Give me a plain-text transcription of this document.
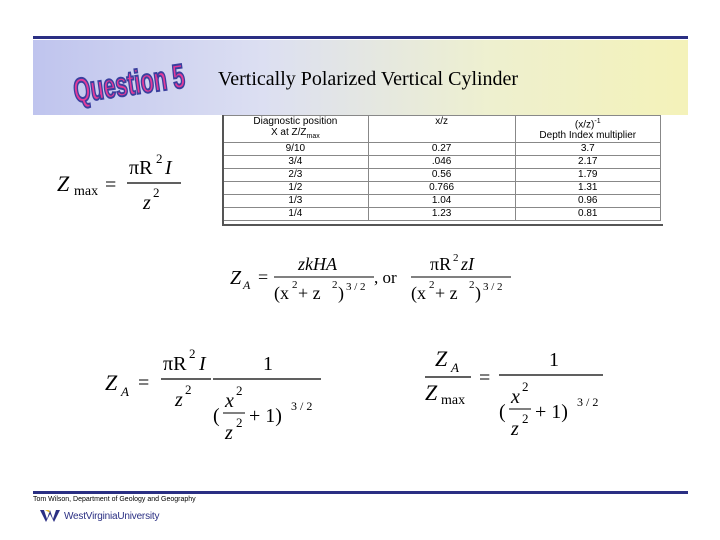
Question 5
Vertically Polarized Vertical Cylinder
Diagnostic position
X at $Z/Z_{max}$	x/z	$(x/z)^{-1}$
Depth Index multiplier
9/10	0.27	3.7
3/4	.046	2.17
2/3	0.56	1.79
1/2	0.766	1.31
1/3	1.04	0.96
1/4	1.23	0.81
Z max =
πR 2 I
z 2
Z A =
zkHA
(x 2 + z 2 ) 3 / 2 , or
πR 2 zI
(x 2 + z 2 ) 3 / 2
Z A =
πR 2 I
z 2
1
(
x 2
z 2 + 1) 3 / 2
Z A
Z max
=
1
(
x 2
z 2 + 1) 3 / 2
Tom Wilson, Department of Geology and Geography
WestVirginiaUniversity
